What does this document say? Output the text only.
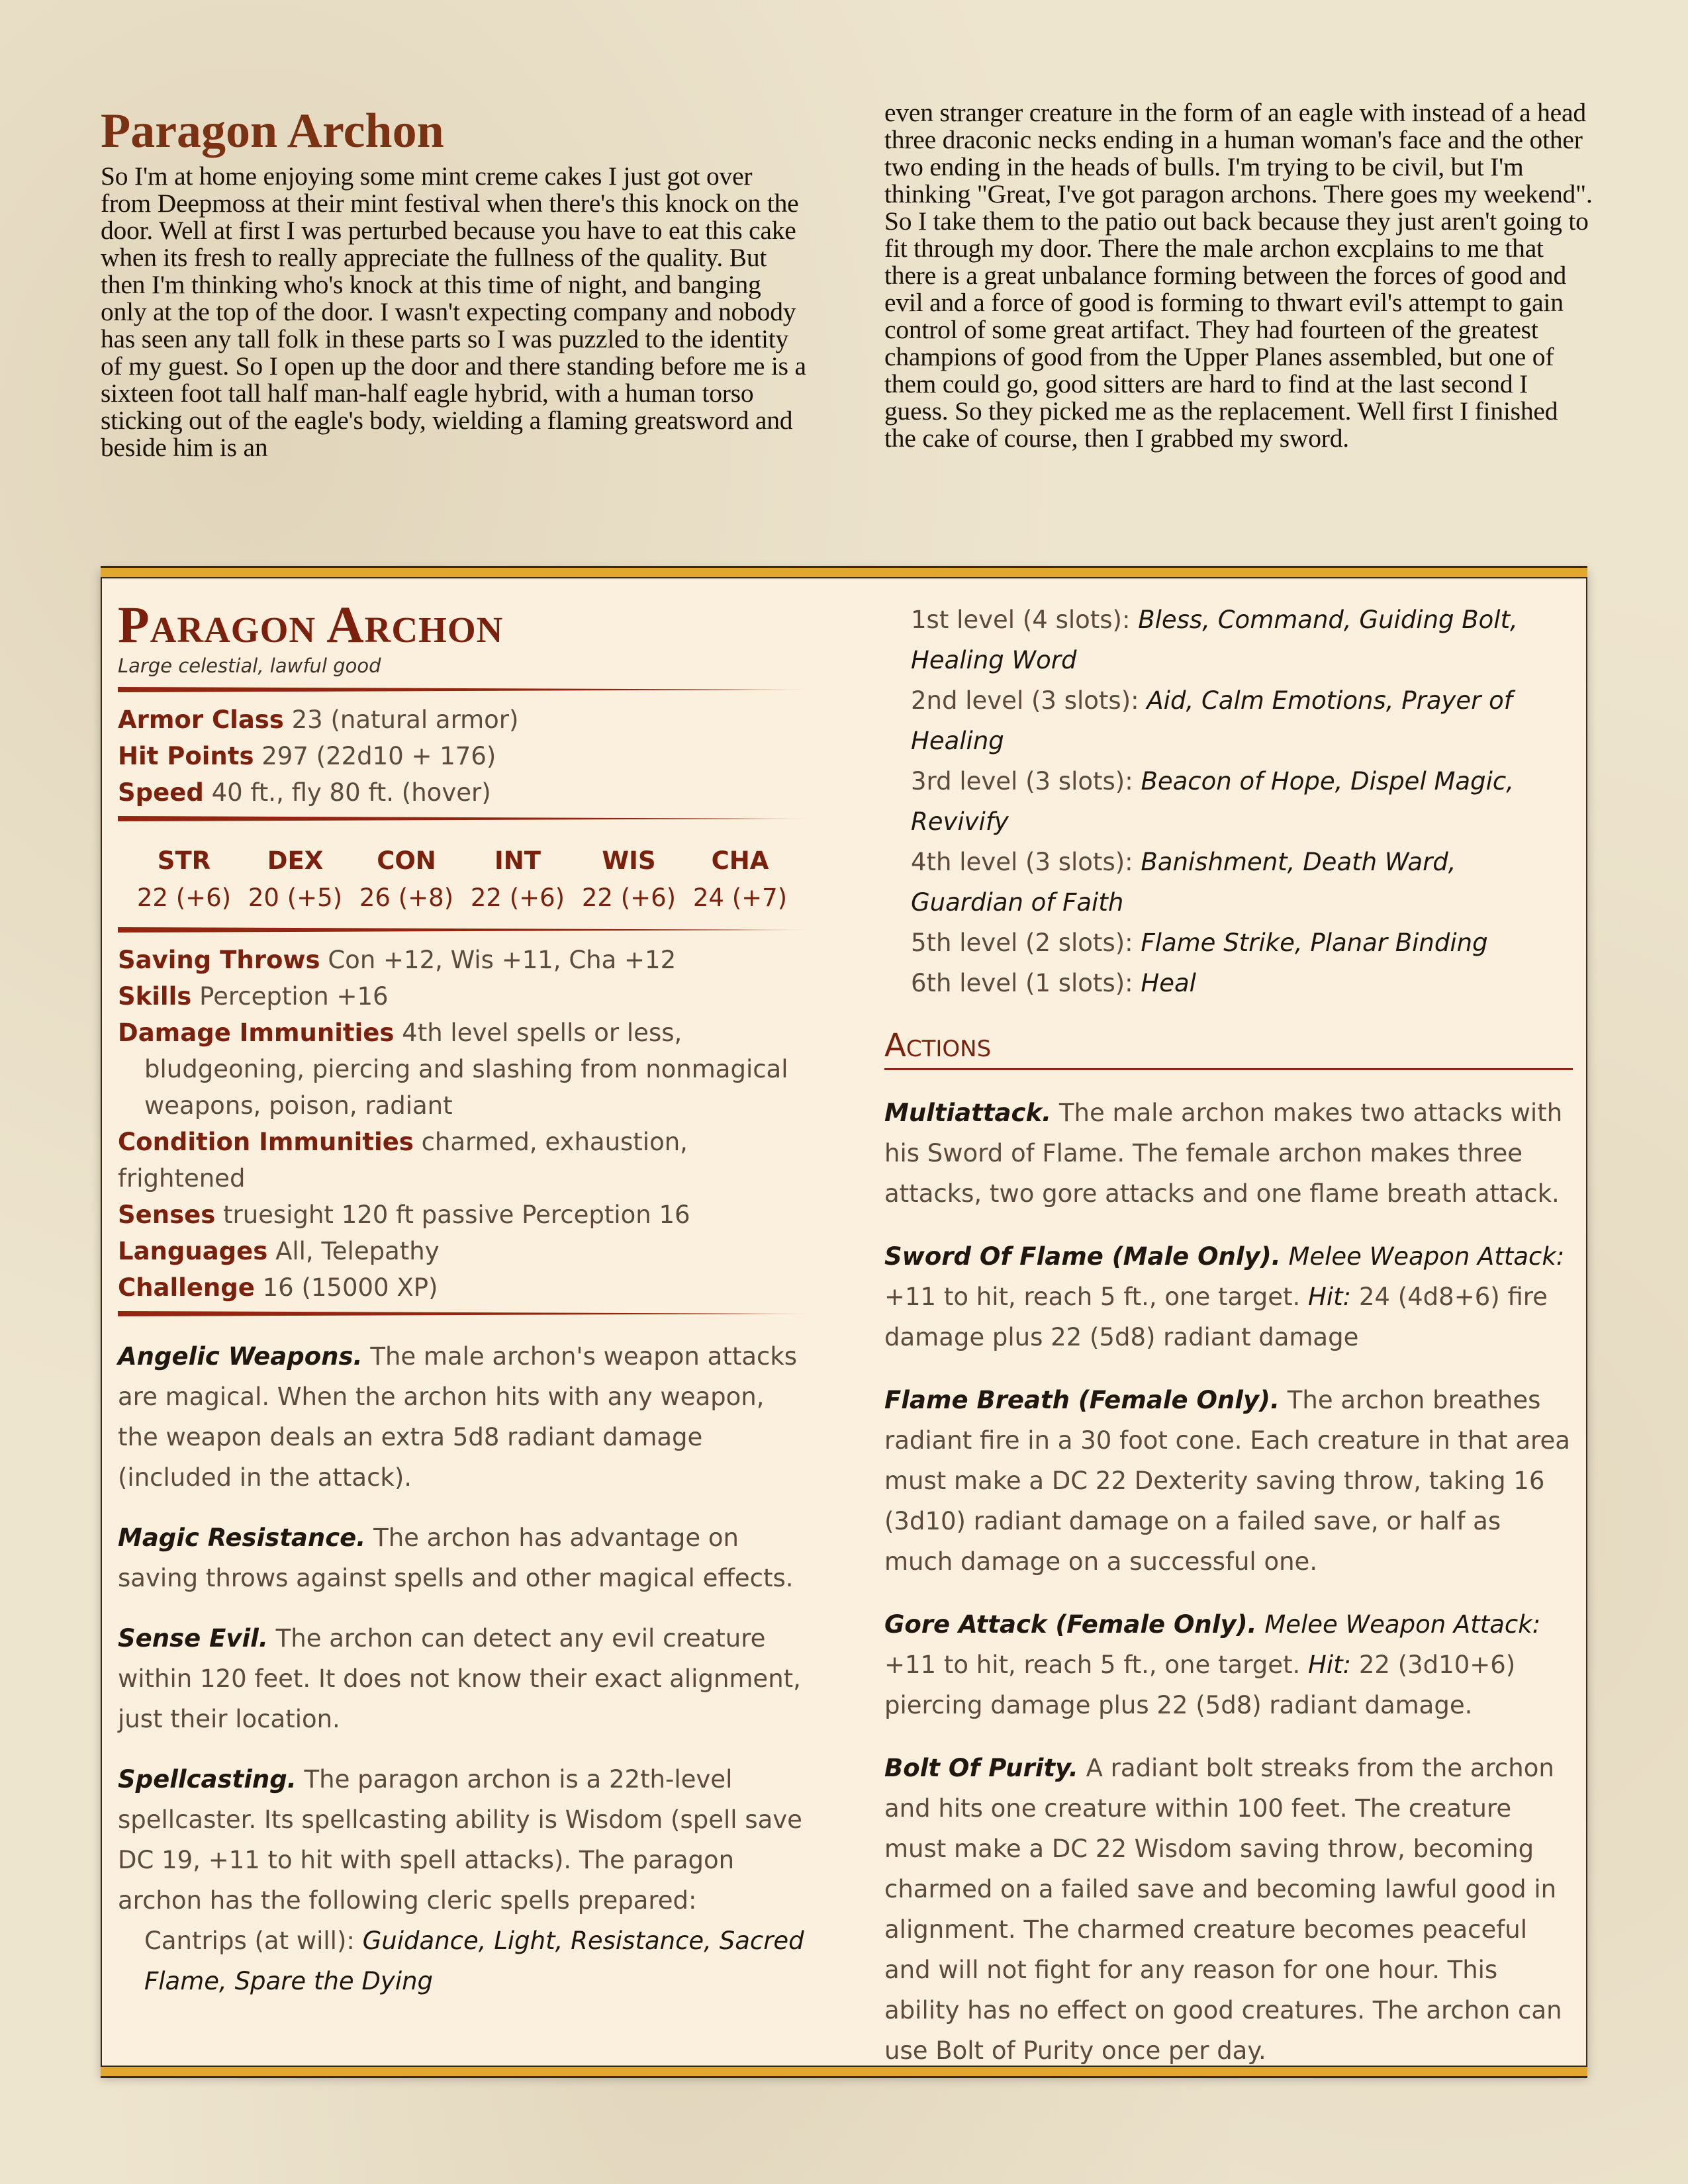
Paragon Archon

So I'm at home enjoying some mint creme cakes I just got over from Deepmoss at their mint festival when there's this knock on the door. Well at first I was perturbed because you have to eat this cake when its fresh to really appreciate the fullness of the quality. But then I'm thinking who's knock at this time of night, and banging only at the top of the door. I wasn't expecting company and nobody has seen any tall folk in these parts so I was puzzled to the identity of my guest. So I open up the door and there standing before me is a sixteen foot tall half man-half eagle hybrid, with a human torso sticking out of the eagle's body, wielding a flaming greatsword and beside him is an

even stranger creature in the form of an eagle with instead of a head three draconic necks ending in a human woman's face and the other two ending in the heads of bulls. I'm trying to be civil, but I'm thinking "Great, I've got paragon archons. There goes my weekend". So I take them to the patio out back because they just aren't going to fit through my door. There the male archon excplains to me that there is a great unbalance forming between the forces of good and evil and a force of good is forming to thwart evil's attempt to gain control of some great artifact. They had fourteen of the greatest champions of good from the Upper Planes assembled, but one of them could go, good sitters are hard to find at the last second I guess. So they picked me as the replacement. Well first I finished the cake of course, then I grabbed my sword.

Paragon Archon
Large celestial, lawful good
Armor Class 23 (natural armor)
Hit Points 297 (22d10 + 176)
Speed 40 ft., fly 80 ft. (hover)
STR
22 (+6)
DEX
20 (+5)
CON
26 (+8)
INT
22 (+6)
WIS
22 (+6)
CHA
24 (+7)
Saving Throws Con +12, Wis +11, Cha +12
Skills Perception +16
Damage Immunities 4th level spells or less, bludgeoning, piercing and slashing from nonmagical weapons, poison, radiant
Condition Immunities charmed, exhaustion, frightened
Senses truesight 120 ft passive Perception 16
Languages All, Telepathy
Challenge 16 (15000 XP)

Angelic Weapons. The male archon's weapon attacks are magical. When the archon hits with any weapon, the weapon deals an extra 5d8 radiant damage (included in the attack).

Magic Resistance. The archon has advantage on saving throws against spells and other magical effects.

Sense Evil. The archon can detect any evil creature within 120 feet. It does not know their exact alignment, just their location.

Spellcasting. The paragon archon is a 22th-level spellcaster. Its spellcasting ability is Wisdom (spell save DC 19, +11 to hit with spell attacks). The paragon archon has the following cleric spells prepared:

Cantrips (at will): Guidance, Light, Resistance, Sacred Flame, Spare the Dying
1st level (4 slots): Bless, Command, Guiding Bolt, Healing Word
2nd level (3 slots): Aid, Calm Emotions, Prayer of Healing
3rd level (3 slots): Beacon of Hope, Dispel Magic, Revivify
4th level (3 slots): Banishment, Death Ward, Guardian of Faith
5th level (2 slots): Flame Strike, Planar Binding
6th level (1 slots): Heal
Actions

Multiattack. The male archon makes two attacks with his Sword of Flame. The female archon makes three attacks, two gore attacks and one flame breath attack.

Sword Of Flame (Male Only). Melee Weapon Attack: +11 to hit, reach 5 ft., one target. Hit: 24 (4d8+6) fire damage plus 22 (5d8) radiant damage

Flame Breath (Female Only). The archon breathes radiant fire in a 30 foot cone. Each creature in that area must make a DC 22 Dexterity saving throw, taking 16 (3d10) radiant damage on a failed save, or half as much damage on a successful one.

Gore Attack (Female Only). Melee Weapon Attack: +11 to hit, reach 5 ft., one target. Hit: 22 (3d10+6) piercing damage plus 22 (5d8) radiant damage.

Bolt Of Purity. A radiant bolt streaks from the archon and hits one creature within 100 feet. The creature must make a DC 22 Wisdom saving throw, becoming charmed on a failed save and becoming lawful good in alignment. The charmed creature becomes peaceful and will not fight for any reason for one hour. This ability has no effect on good creatures. The archon can use Bolt of Purity once per day.
